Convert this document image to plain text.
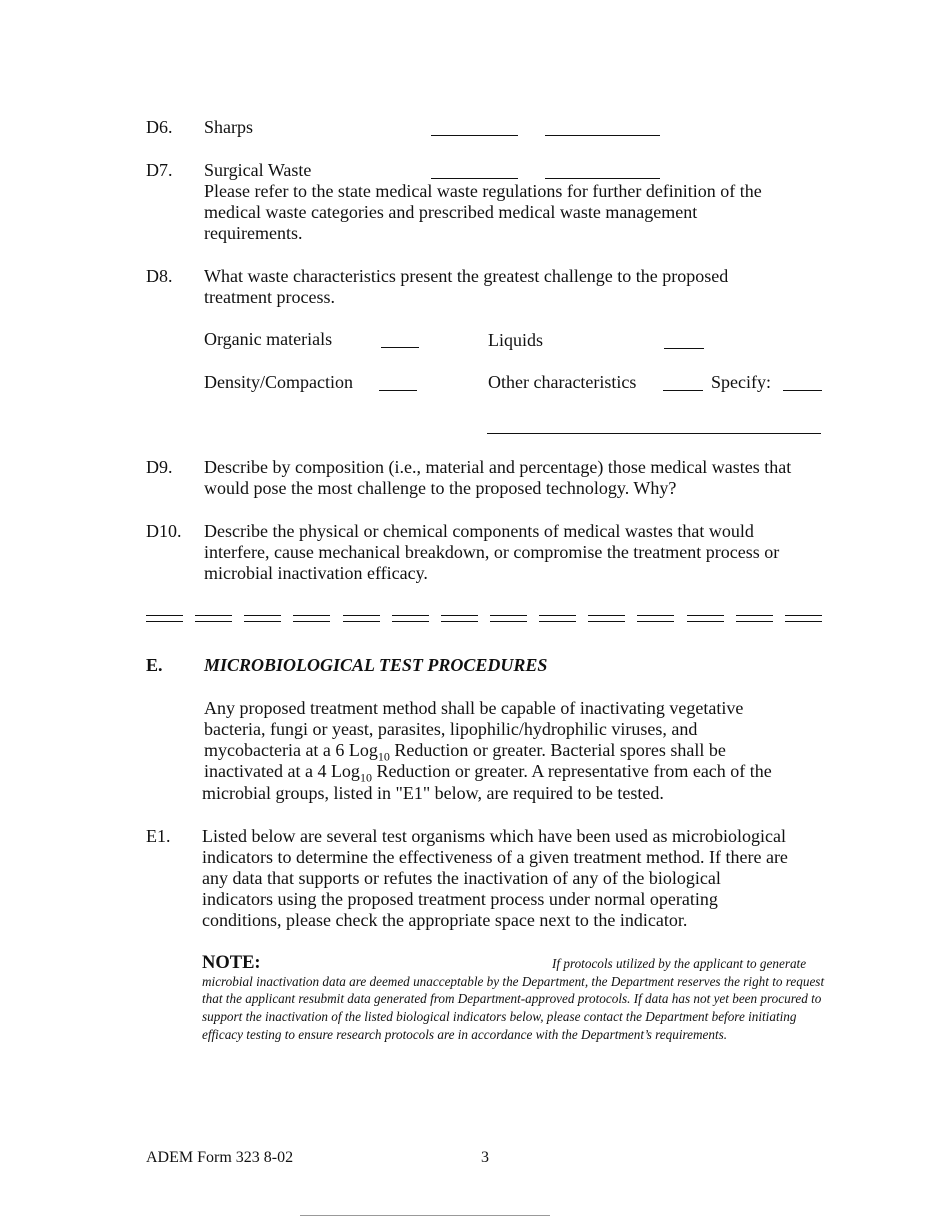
D6. Sharps
D7. Surgical Waste
Please refer to the state medical waste regulations for further definition of the
medical waste categories and prescribed medical waste management
requirements.
D8. What waste characteristics present the greatest challenge to the proposed
treatment process.
Organic materials	Liquids
Density/Compaction	Other characteristics	Specify:
D9. Describe by composition (i.e., material and percentage) those medical wastes that
would pose the most challenge to the proposed technology. Why?
D10. Describe the physical or chemical components of medical wastes that would
interfere, cause mechanical breakdown, or compromise the treatment process or
microbial inactivation efficacy.
E. MICROBIOLOGICAL TEST PROCEDURES
Any proposed treatment method shall be capable of inactivating vegetative
bacteria, fungi or yeast, parasites, lipophilic/hydrophilic viruses, and
mycobacteria at a 6 Log$_{10}$ Reduction or greater. Bacterial spores shall be
inactivated at a 4 Log$_{10}$ Reduction or greater. A representative from each of the
microbial groups, listed in "E1" below, are required to be tested.
E1. Listed below are several test organisms which have been used as microbiological
indicators to determine the effectiveness of a given treatment method. If there are
any data that supports or refutes the inactivation of any of the biological
indicators using the proposed treatment process under normal operating
conditions, please check the appropriate space next to the indicator.
NOTE:	If protocols utilized by the applicant to generate microbial inactivation data are deemed unacceptable by the Department, the Department reserves the right to request that the applicant resubmit data generated from Department-approved protocols. If data has not yet been procured to support the inactivation of the listed biological indicators below, please contact the Department before initiating efficacy testing to ensure research protocols are in accordance with the Department’s requirements.
ADEM Form 323 8-02	3
